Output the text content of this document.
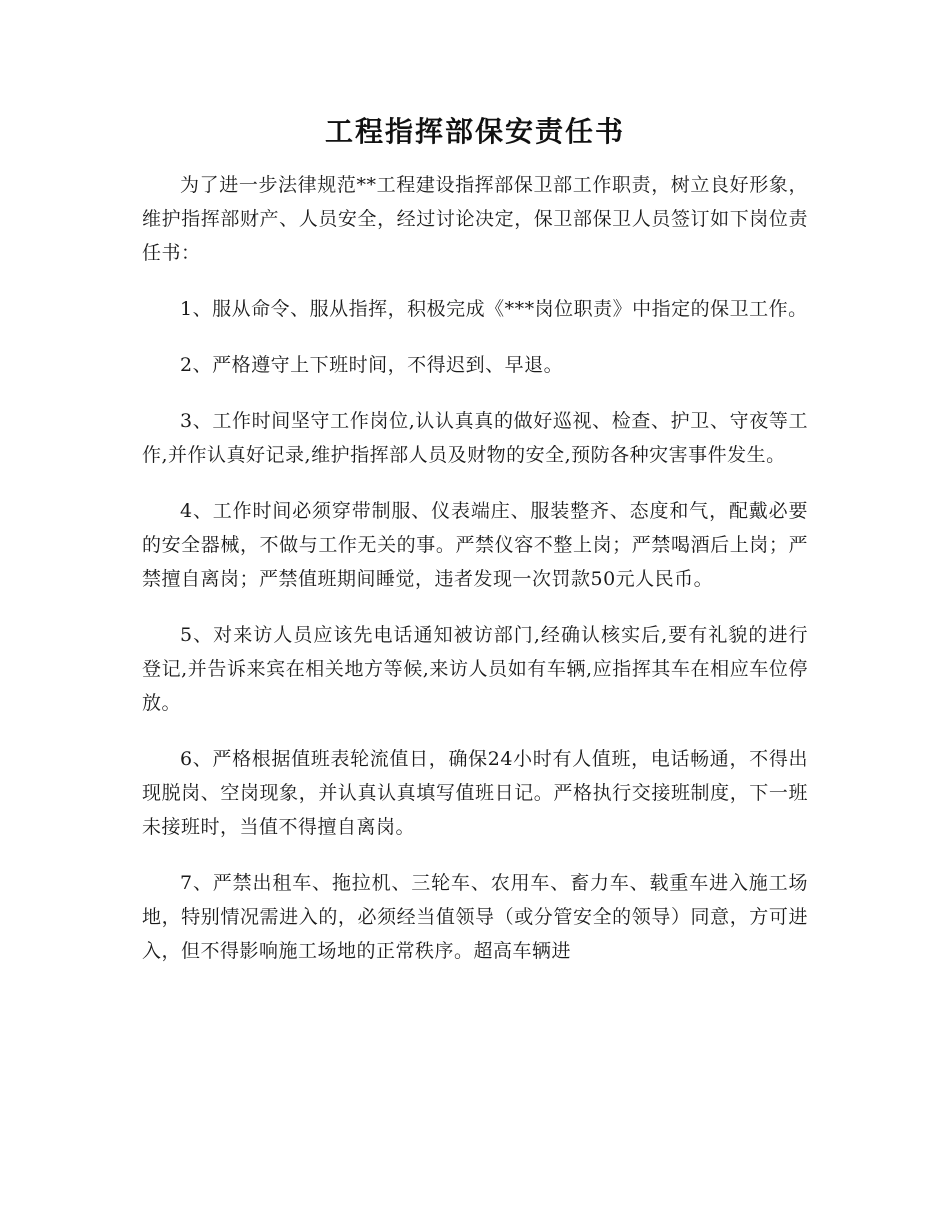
工程指挥部保安责任书

为了进一步法律规范**工程建设指挥部保卫部工作职责，树立良好形象，维护指挥部财产、人员安全，经过讨论决定，保卫部保卫人员签订如下岗位责任书：

1、服从命令、服从指挥，积极完成《***岗位职责》中指定的保卫工作。

2、严格遵守上下班时间，不得迟到、早退。

3、工作时间坚守工作岗位,认认真真的做好巡视、检查、护卫、守夜等工作,并作认真好记录,维护指挥部人员及财物的安全,预防各种灾害事件发生。

4、工作时间必须穿带制服、仪表端庄、服装整齐、态度和气，配戴必要的安全器械，不做与工作无关的事。严禁仪容不整上岗；严禁喝酒后上岗；严禁擅自离岗；严禁值班期间睡觉，违者发现一次罚款50元人民币。

5、对来访人员应该先电话通知被访部门,经确认核实后,要有礼貌的进行登记,并告诉来宾在相关地方等候,来访人员如有车辆,应指挥其车在相应车位停放。

6、严格根据值班表轮流值日，确保24小时有人值班，电话畅通，不得出现脱岗、空岗现象，并认真认真填写值班日记。严格执行交接班制度，下一班未接班时，当值不得擅自离岗。

7、严禁出租车、拖拉机、三轮车、农用车、畜力车、载重车进入施工场地，特别情况需进入的，必须经当值领导（或分管安全的领导）同意，方可进入，但不得影响施工场地的正常秩序。超高车辆进
